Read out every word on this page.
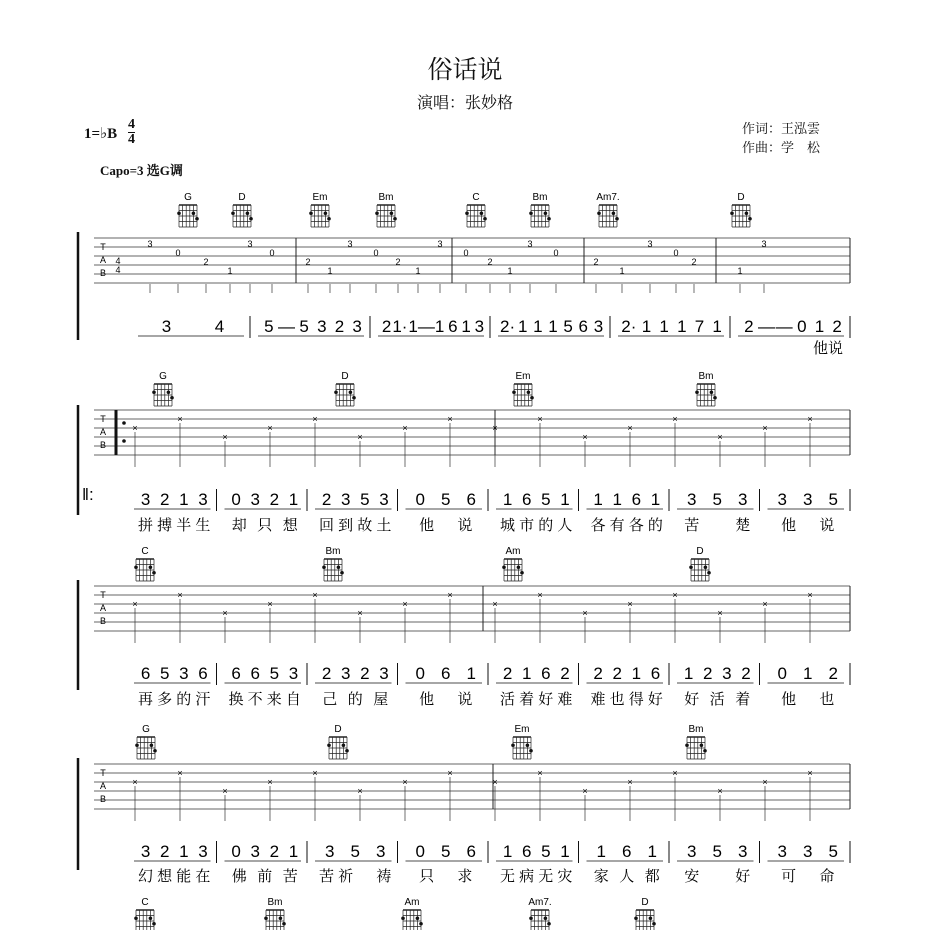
俗话说
演唱：张妙格
作词：王泓雲
作曲：学　松
1=♭B
4
4
Capo=3 选G调
G	D	Em	Bm	C	Bm	Am7.	D
T
A
B
4
4
3
0
2
1
3
0
2
1
3
0
2
1
3
0
2
1
3
0
2
1
3
0
2
1
3
3	4 5 — 5 3 2 3 2 1· 1 — 1 6 1 3 2· 1 1 1 5 6 3 2· 1 1 1 7 1 2 — — 0 1 2
他说
G	D	Em	Bm
T
A
B
×
×
×
×
×
×
×
×
×
×
×
×
×
×
×
×
3 2 1 3
拼 搏 半 生
0 3 2 1
却 只 想
2 3 5 3
回 到 故 土
0 5 6
他 说
1 6 5 1
城 市 的 人
1 1 6 1
各 有 各 的
3 5 3
苦
　 楚
3 3 5
他 说
‖:
C	Bm	Am	D
T
A
B
×
×
×
×
×
×
×
×
×
×
×
×
×
×
×
×
6 5 3 6
再 多 的 汗
6 6 5 3
换 不 来 自
2 3 2 3
己 的 屋
0 6 1
他 说
2 1 6 2
活 着 好 难
2 2 1 6
难 也 得 好
1 2 3 2
好 活 着
0 1 2
他 也
G	D	Em	Bm
T
A
B
×
×
×
×
×
×
×
×
×
×
×
×
×
×
×
×
3 2 1 3
幻 想 能 在
0 3 2 1
佛 前 苦
3 5 3
苦 祈
　 祷
0 5 6
只 求
1 6 5 1
无 病 无 灾
1 6 1
家 人 都
3 5 3
安
　 好
3 3 5
可 命
C	Bm	Am	Am7.	D
